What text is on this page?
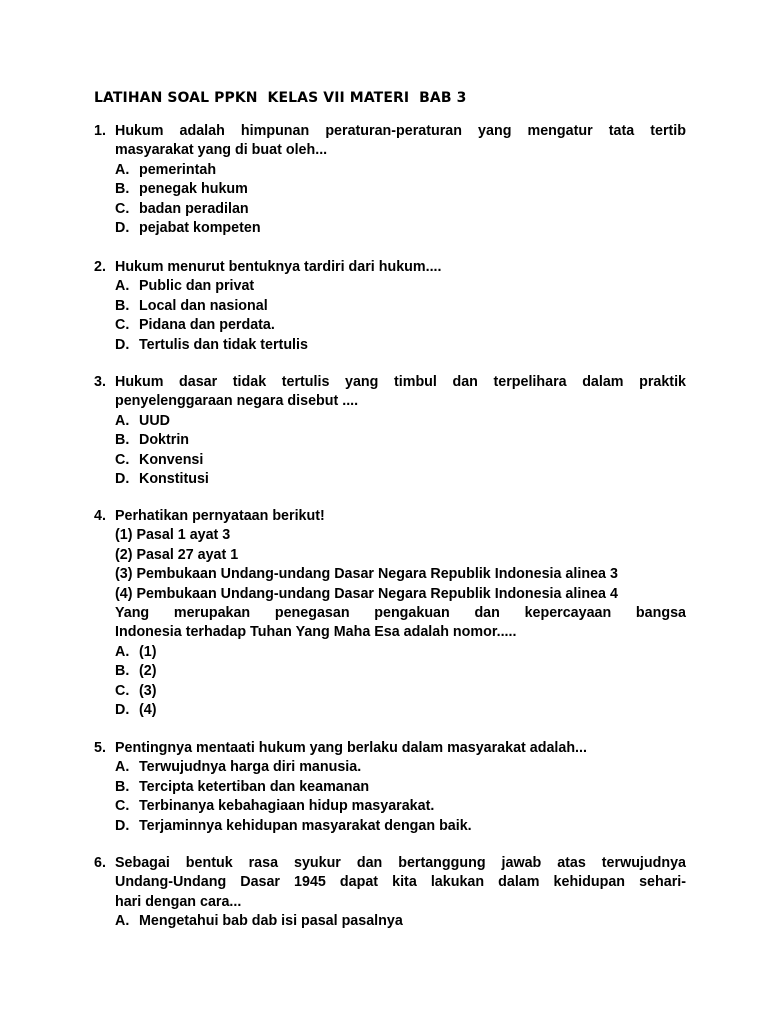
LATIHAN SOAL PPKN  KELAS VII MATERI  BAB 3
1. Hukum adalah himpunan peraturan-peraturan yang mengatur tata tertib
masyarakat yang di buat oleh...
A. pemerintah
B. penegak hukum
C. badan peradilan
D. pejabat kompeten
2. Hukum menurut bentuknya tardiri dari hukum....
A. Public dan privat
B. Local dan nasional
C. Pidana dan perdata.
D. Tertulis dan tidak tertulis
3. Hukum dasar tidak tertulis yang timbul dan terpelihara dalam praktik
penyelenggaraan negara disebut ....
A. UUD
B. Doktrin
C. Konvensi
D. Konstitusi
4. Perhatikan pernyataan berikut!
(1) Pasal 1 ayat 3
(2) Pasal 27 ayat 1
(3) Pembukaan Undang-undang Dasar Negara Republik Indonesia alinea 3
(4) Pembukaan Undang-undang Dasar Negara Republik Indonesia alinea 4
Yang merupakan penegasan pengakuan dan kepercayaan bangsa
Indonesia terhadap Tuhan Yang Maha Esa adalah nomor.....
A. (1)
B. (2)
C. (3)
D. (4)
5. Pentingnya mentaati hukum yang berlaku dalam masyarakat adalah...
A. Terwujudnya harga diri manusia.
B. Tercipta ketertiban dan keamanan
C. Terbinanya kebahagiaan hidup masyarakat.
D. Terjaminnya kehidupan masyarakat dengan baik.
6. Sebagai bentuk rasa syukur dan bertanggung jawab atas terwujudnya
Undang-Undang Dasar 1945 dapat kita lakukan dalam kehidupan sehari-
hari dengan cara...
A. Mengetahui bab dab isi pasal pasalnya
